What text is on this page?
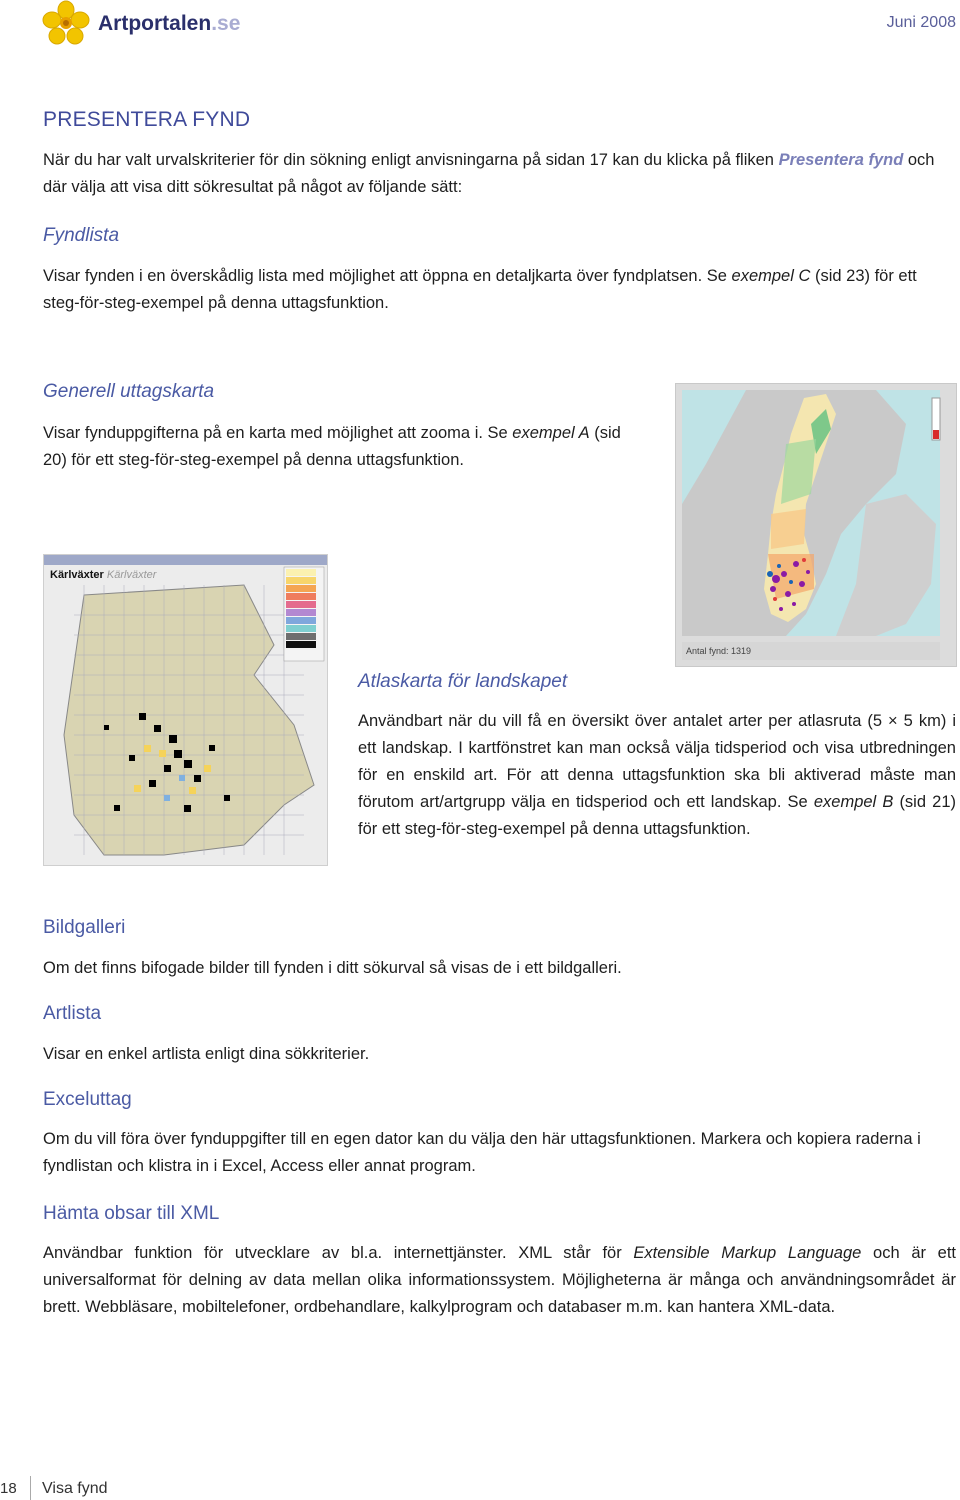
Artportalen.se	Juni 2008
PRESENTERA FYND

När du har valt urvalskriterier för din sökning enligt anvisningarna på sidan 17 kan du klicka på fliken Presentera fynd och där välja att visa ditt sökresultat på något av följande sätt:

Fyndlista

Visar fynden i en överskådlig lista med möjlighet att öppna en detaljkarta över fyndplatsen. Se exempel C (sid 23) för ett steg-för-steg-exempel på denna uttagsfunktion.

Generell uttagskarta

Visar fynduppgifterna på en karta med möjlighet att zooma i. Se exempel A (sid 20) för ett steg-för-steg-exempel på denna uttagsfunktion.

Antal fynd: 1319
Kärlväxter Kärlväxter
Atlaskarta för landskapet

Användbart när du vill få en översikt över antalet arter per atlasruta (5 × 5 km) i ett landskap. I kartfönstret kan man också välja tidsperiod och visa utbredningen för en enskild art. För att denna uttagsfunktion ska bli aktiverad måste man förutom art/artgrupp välja en tidsperiod och ett landskap. Se exempel B (sid 21) för ett steg-för-steg-exempel på denna uttagsfunktion.

Bildgalleri

Om det finns bifogade bilder till fynden i ditt sökurval så visas de i ett bildgalleri.

Artlista

Visar en enkel artlista enligt dina sökkriterier.

Exceluttag

Om du vill föra över fynduppgifter till en egen dator kan du välja den här uttagsfunktionen. Markera och kopiera raderna i fyndlistan och klistra in i Excel, Access eller annat program.

Hämta obsar till XML

Användbar funktion för utvecklare av bl.a. internettjänster. XML står för Extensible Markup Language och är ett universalformat för delning av data mellan olika informationssystem. Möjligheterna är många och användningsområdet är brett. Webbläsare, mobiltelefoner, ordbehandlare, kalkylprogram och databaser m.m. kan hantera XML-data.

18 Visa fynd
